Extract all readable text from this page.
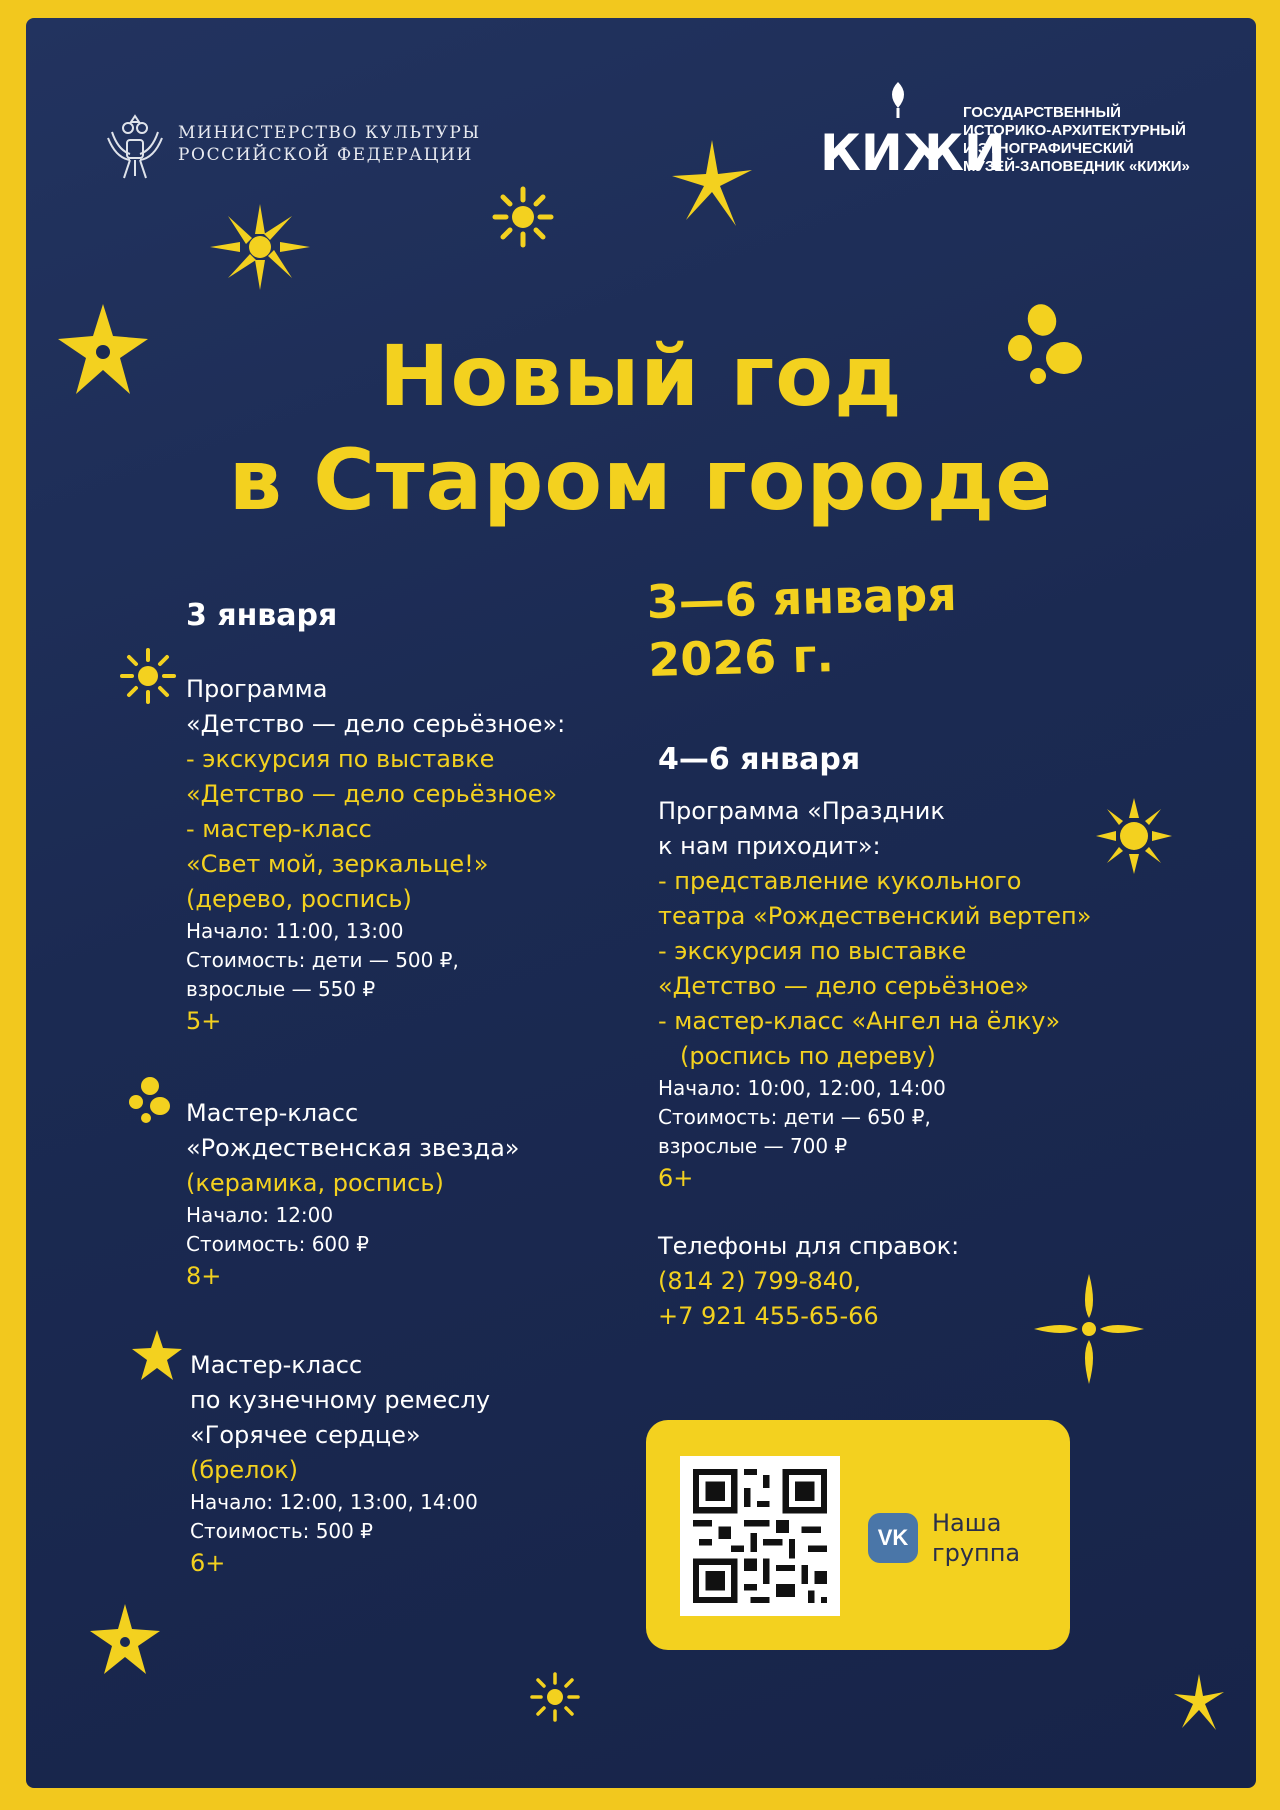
МИНИСТЕРСТВО КУЛЬТУРЫ
РОССИЙСКОЙ ФЕДЕРАЦИИ	КИЖИ
ГОСУДАРСТВЕННЫЙ
ИСТОРИКО-АРХИТЕКТУРНЫЙ
И ЭТНОГРАФИЧЕСКИЙ
МУЗЕЙ-ЗАПОВЕДНИК «КИЖИ»
Новый год
в Старом городе
3—6 января
2026 г.
3 января
Программа
«Детство — дело серьёзное»:
- экскурсия по выставке
«Детство — дело серьёзное»
- мастер-класс
«Свет мой, зеркальце!»
(дерево, роспись)
Начало: 11:00, 13:00
Стоимость: дети — 500 ₽,
взрослые — 550 ₽
5+
Мастер-класс
«Рождественская звезда»
(керамика, роспись)
Начало: 12:00
Стоимость: 600 ₽
8+
Мастер-класс
по кузнечному ремеслу
«Горячее сердце»
(брелок)
Начало: 12:00, 13:00, 14:00
Стоимость: 500 ₽
6+
4—6 января
Программа «Праздник
к нам приходит»:
- представление кукольного
театра «Рождественский вертеп»
- экскурсия по выставке
«Детство — дело серьёзное»
- мастер-класс «Ангел на ёлку»
(роспись по дереву)
Начало: 10:00, 12:00, 14:00
Стоимость: дети — 650 ₽,
взрослые — 700 ₽
6+
Телефоны для справок:
(814 2) 799-840,
+7 921 455-65-66
VK
Наша
группа
